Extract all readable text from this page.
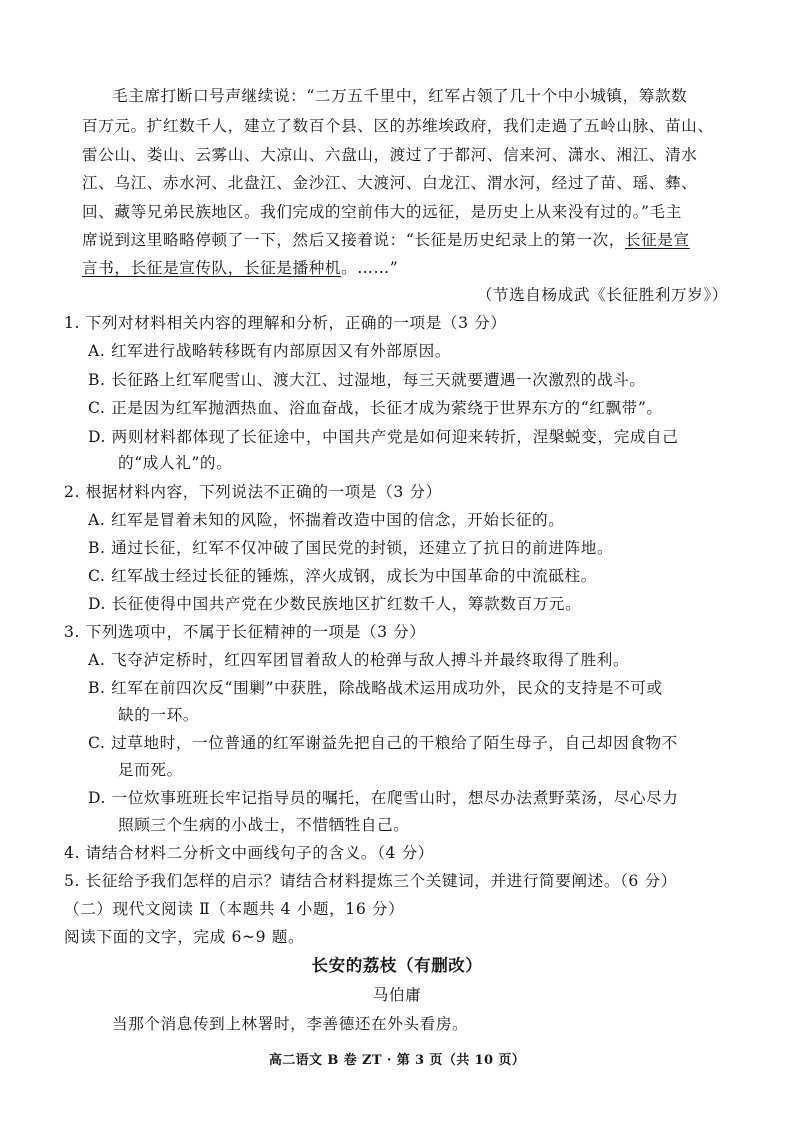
毛主席打断口号声继续说：“二万五千里中，红军占领了几十个中小城镇，筹款数
百万元。扩红数千人，建立了数百个县、区的苏维埃政府，我们走過了五岭山脉、苗山、
雷公山、娄山、云雾山、大凉山、六盘山，渡过了于都河、信来河、潇水、湘江、清水
江、乌江、赤水河、北盘江、金沙江、大渡河、白龙江、渭水河，经过了苗、瑶、彝、
回、藏等兄弟民族地区。我们完成的空前伟大的远征，是历史上从来没有过的。”毛主
席说到这里略略停顿了一下，然后又接着说：“长征是历史纪录上的第一次，长征是宣
言书，长征是宣传队，长征是播种机。……”
（节选自杨成武《长征胜利万岁》）
1. 下列对材料相关内容的理解和分析，正确的一项是（3 分）
A. 红军进行战略转移既有内部原因又有外部原因。
B. 长征路上红军爬雪山、渡大江、过湿地，每三天就要遭遇一次激烈的战斗。
C. 正是因为红军抛洒热血、浴血奋战，长征才成为萦绕于世界东方的“红飘带”。
D. 两则材料都体现了长征途中，中国共产党是如何迎来转折，涅槃蜕变，完成自己
的“成人礼”的。
2. 根据材料内容，下列说法不正确的一项是（3 分）
A. 红军是冒着未知的风险，怀揣着改造中国的信念，开始长征的。
B. 通过长征，红军不仅冲破了国民党的封锁，还建立了抗日的前进阵地。
C. 红军战士经过长征的锤炼，淬火成钢，成长为中国革命的中流砥柱。
D. 长征使得中国共产党在少数民族地区扩红数千人，筹款数百万元。
3. 下列选项中，不属于长征精神的一项是（3 分）
A. 飞夺泸定桥时，红四军团冒着敌人的枪弹与敌人搏斗并最终取得了胜利。
B. 红军在前四次反“围剿”中获胜，除战略战术运用成功外，民众的支持是不可或
缺的一环。
C. 过草地时，一位普通的红军谢益先把自己的干粮给了陌生母子，自己却因食物不
足而死。
D. 一位炊事班班长牢记指导员的嘱托，在爬雪山时，想尽办法煮野菜汤，尽心尽力
照顾三个生病的小战士，不惜牺牲自己。
4. 请结合材料二分析文中画线句子的含义。（4 分）
5. 长征给予我们怎样的启示？请结合材料提炼三个关键词，并进行简要阐述。（6 分）
（二）现代文阅读 Ⅱ（本题共 4 小题，16 分）
阅读下面的文字，完成 6~9 题。
长安的荔枝（有删改）
马伯庸
当那个消息传到上林署时，李善德还在外头看房。
高二语文 B 卷 ZT · 第 3 页（共 10 页）
